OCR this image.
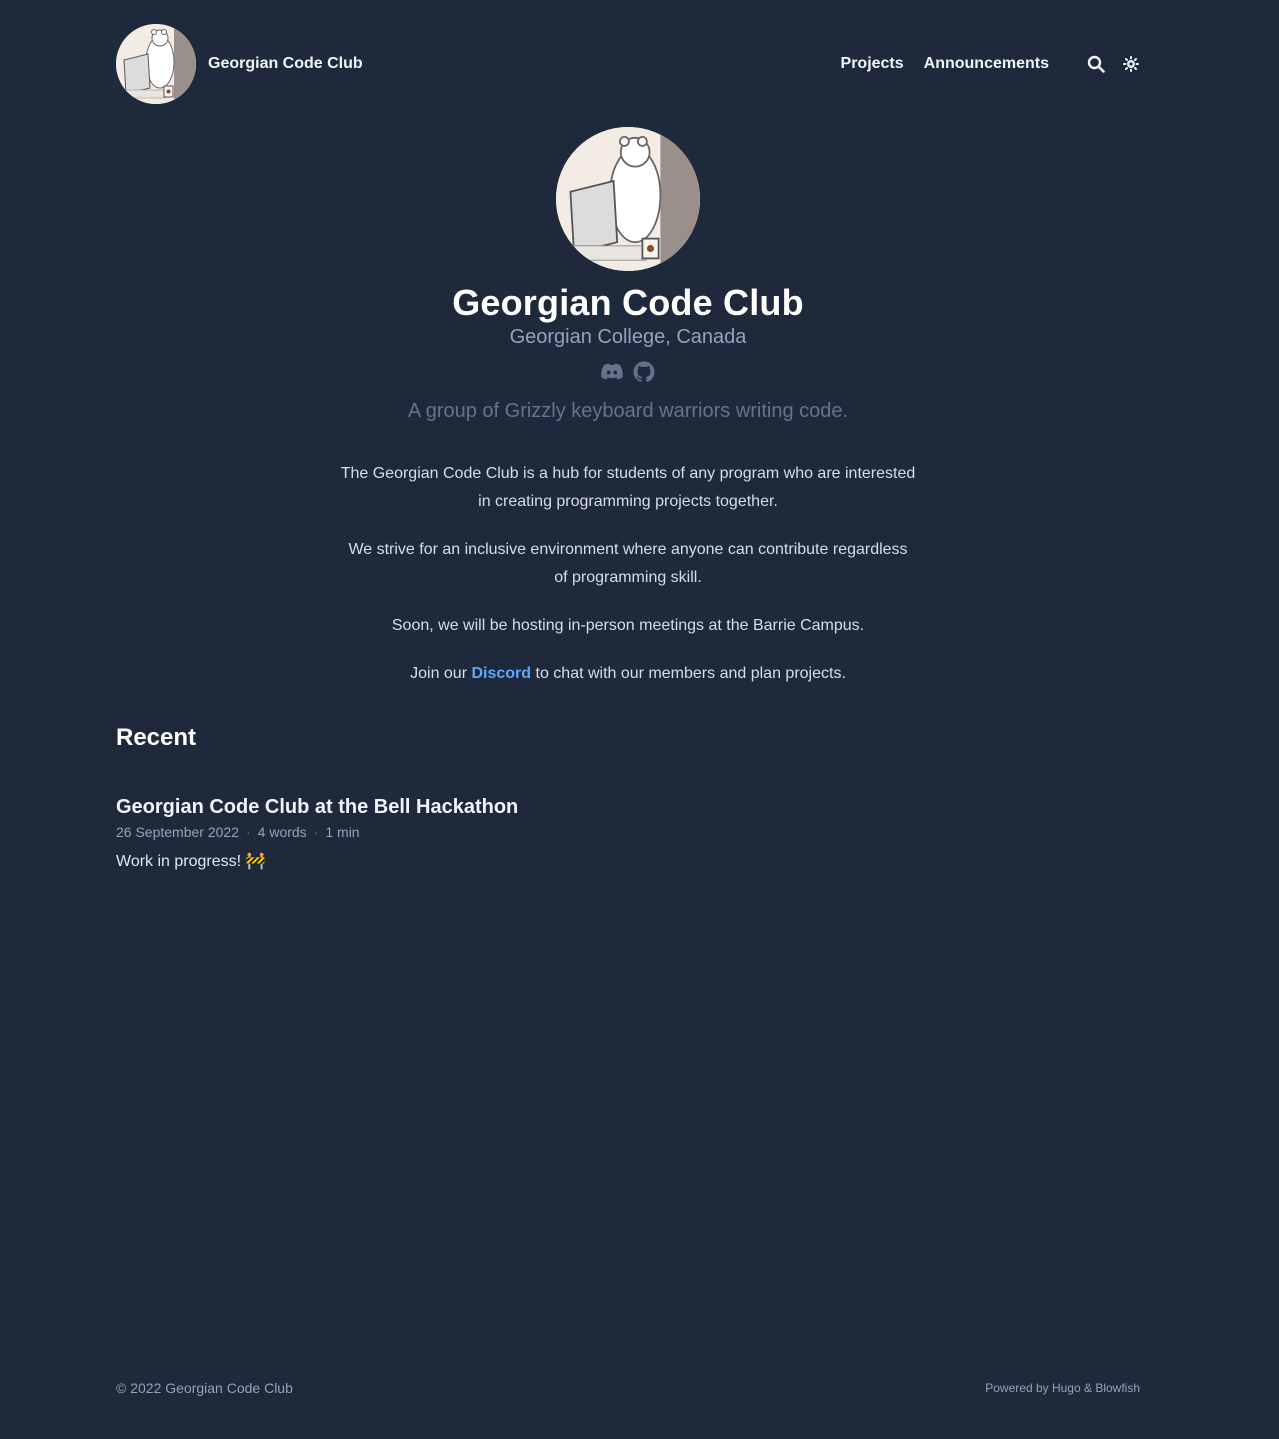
Georgian Code Club	Projects Announcements
Georgian Code Club
Georgian College, Canada
A group of Grizzly keyboard warriors writing code.

The Georgian Code Club is a hub for students of any program who are interested in creating programming projects together.

We strive for an inclusive environment where anyone can contribute regardless of programming skill.

Soon, we will be hosting in-person meetings at the Barrie Campus.

Join our Discord to chat with our members and plan projects.

Recent
Georgian Code Club at the Bell Hackathon
26 September 2022 · 4 words · 1 min
Work in progress! 🚧
© 2022 Georgian Code Club	Powered by Hugo & Blowfish
